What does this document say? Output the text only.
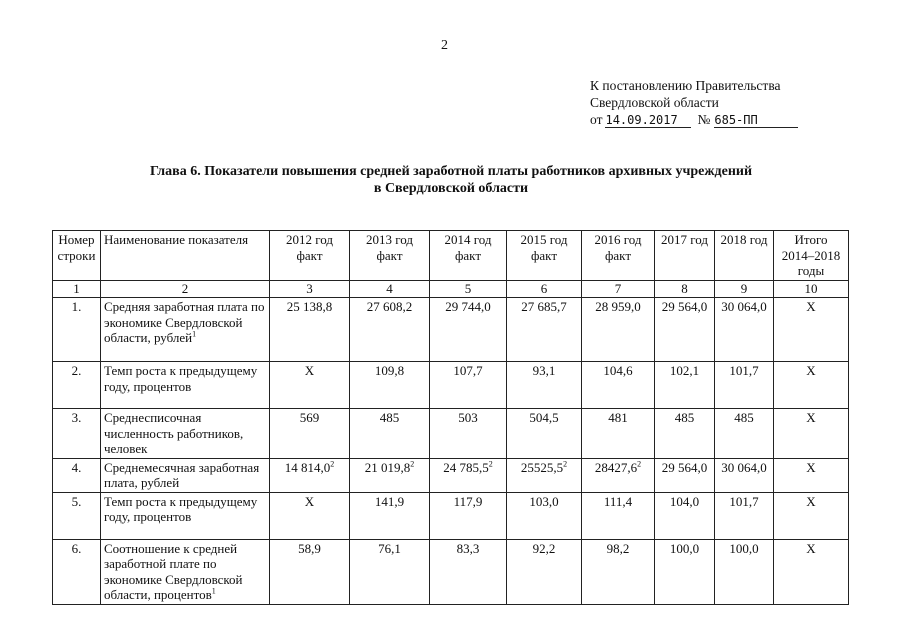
2
К постановлению Правительства
Свердловской области
от 14.09.2017 № 685-ПП
Глава 6. Показатели повышения средней заработной платы работников архивных учреждений
в Свердловской области
Номер строки	Наименование показателя	2012 год факт	2013 год факт	2014 год факт	2015 год факт	2016 год факт	2017 год	2018 год	Итого 2014–2018 годы
1	2	3	4	5	6	7	8	9	10
1.	Средняя заработная плата по экономике Свердловской области, рублей$^1$	25 138,8	27 608,2	29 744,0	27 685,7	28 959,0	29 564,0	30 064,0	Х
2.	Темп роста к предыдущему году, процентов	Х	109,8	107,7	93,1	104,6	102,1	101,7	Х
3.	Среднесписочная численность работников, человек	569	485	503	504,5	481	485	485	Х
4.	Среднемесячная заработная плата, рублей	14 814,0$^2$	21 019,8$^2$	24 785,5$^2$	25525,5$^2$	28427,6$^2$	29 564,0	30 064,0	Х
5.	Темп роста к предыдущему году, процентов	Х	141,9	117,9	103,0	111,4	104,0	101,7	Х
6.	Соотношение к средней заработной плате по экономике Свердловской области, процентов$^1$	58,9	76,1	83,3	92,2	98,2	100,0	100,0	Х
